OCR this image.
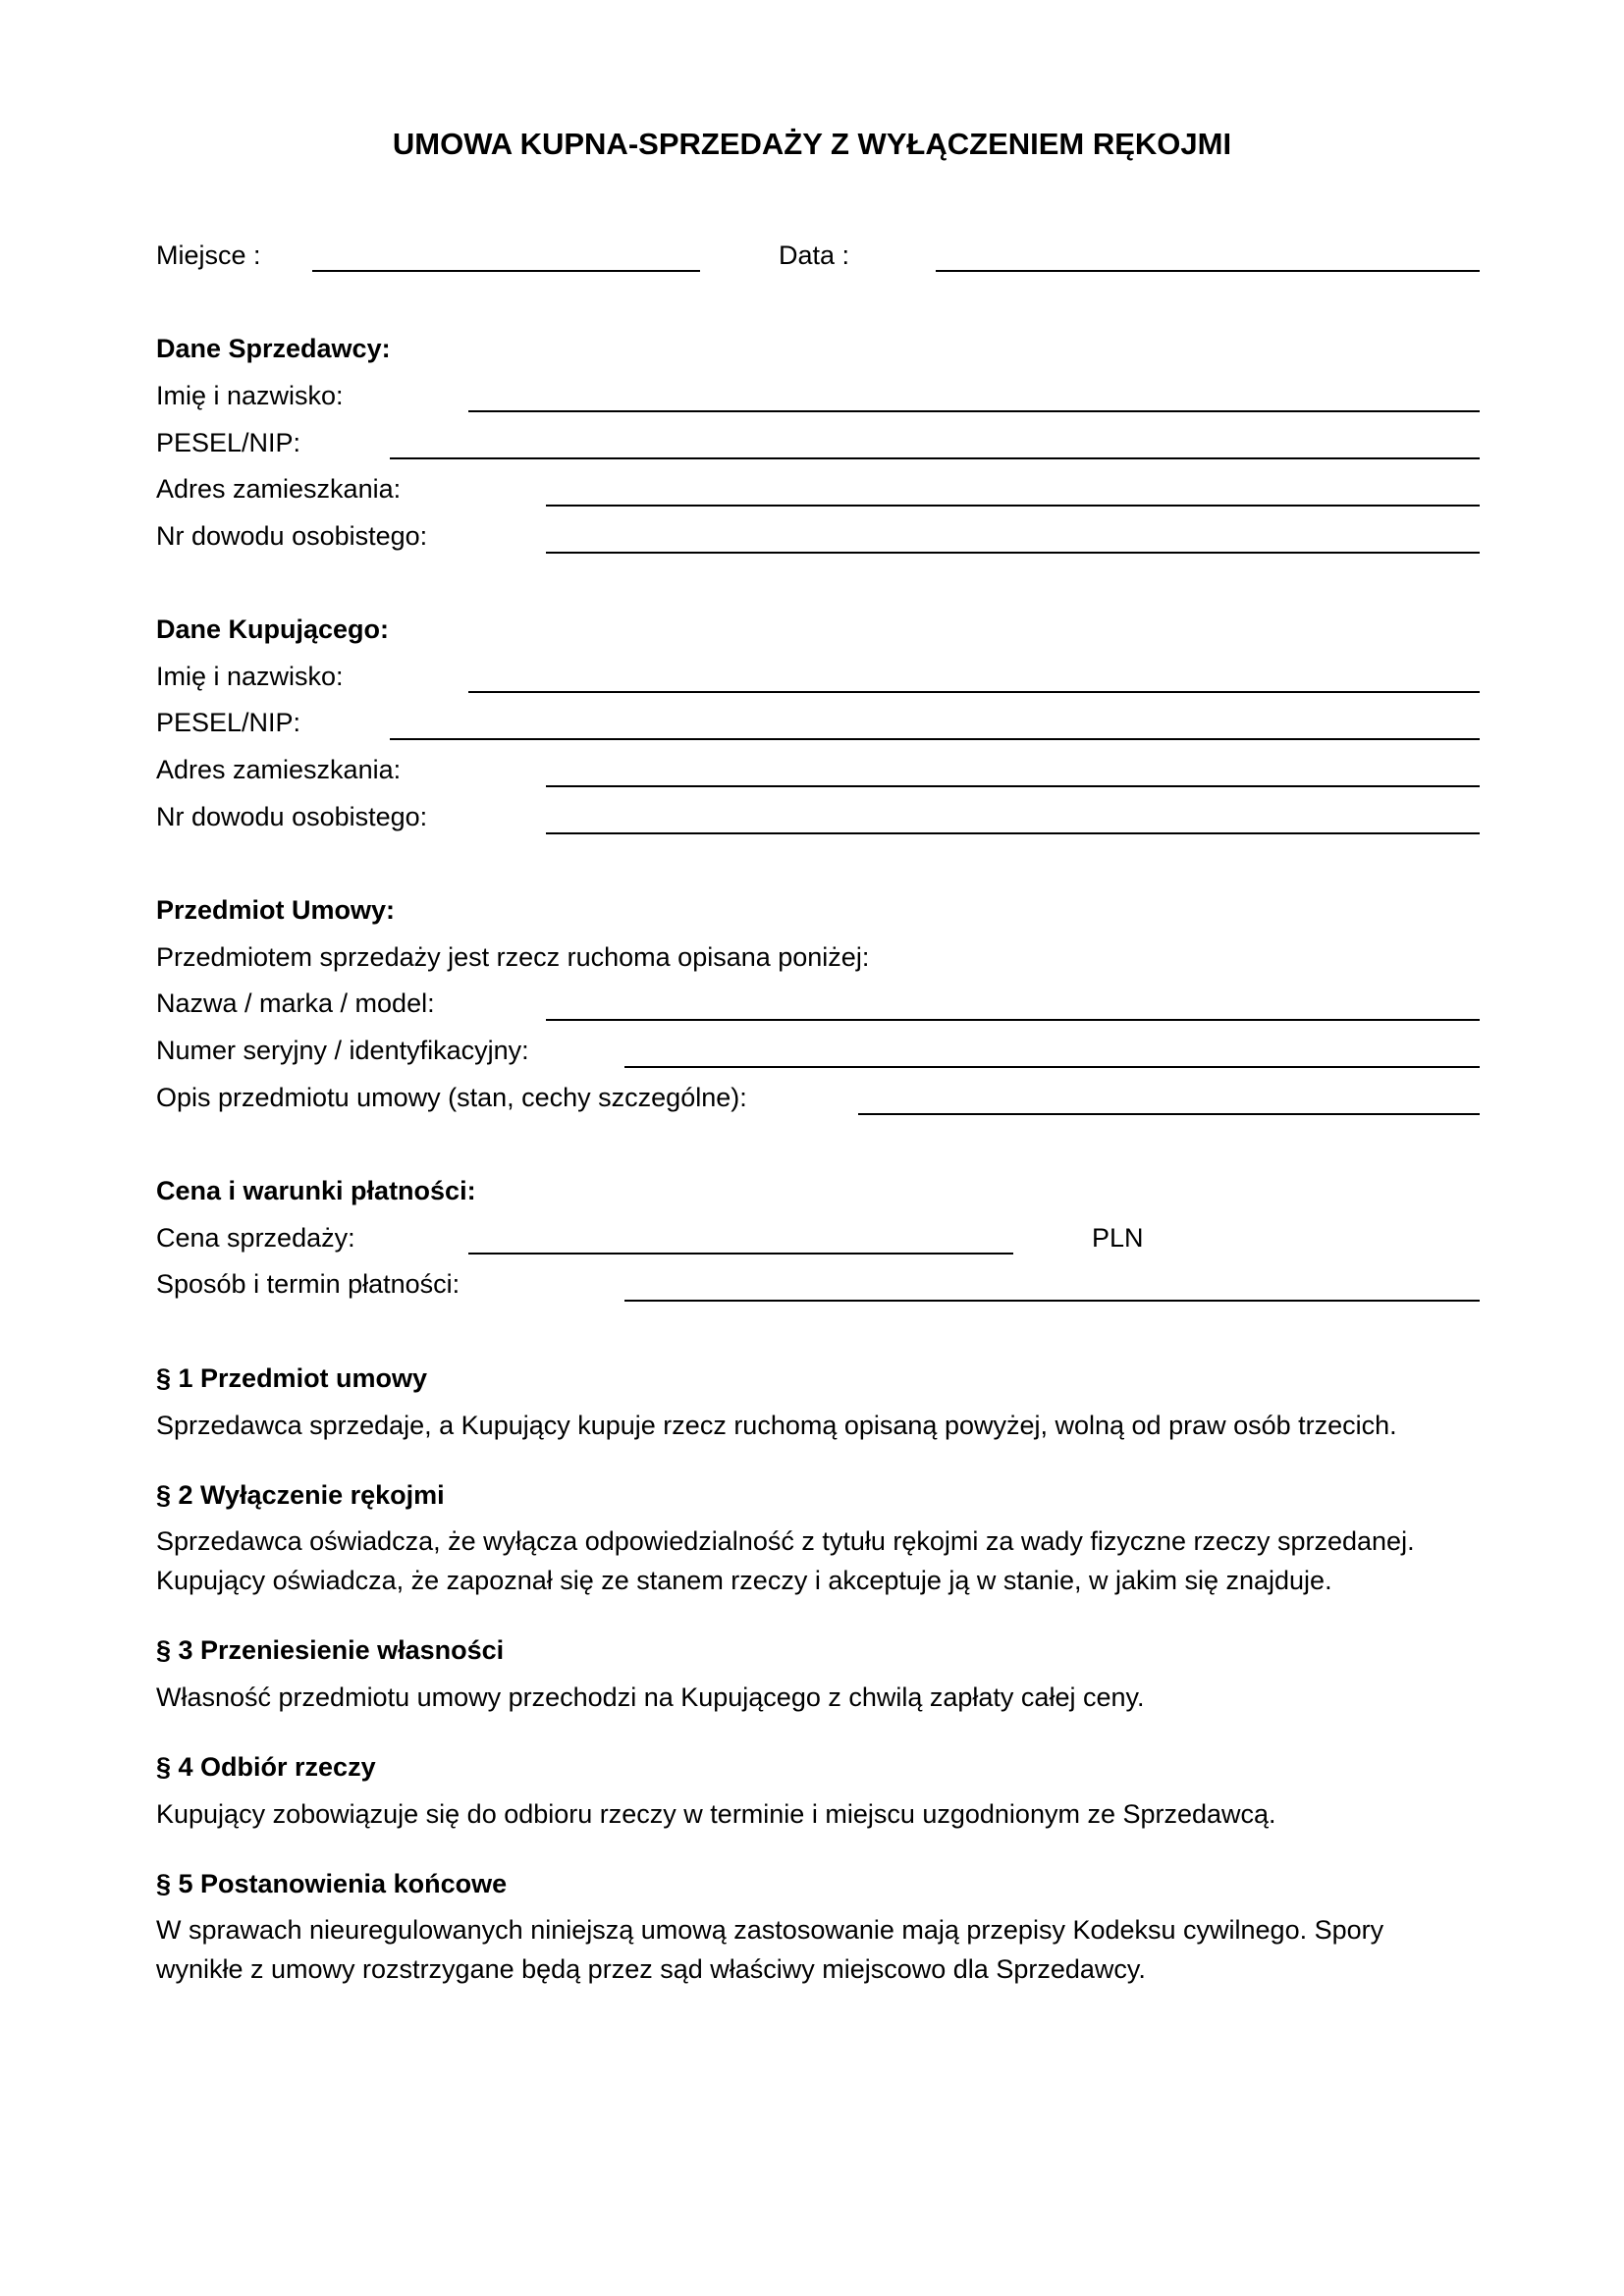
UMOWA KUPNA-SPRZEDAŻY Z WYŁĄCZENIEM RĘKOJMI
Miejsce :	Data :
Dane Sprzedawcy:
Imię i nazwisko:
PESEL/NIP:
Adres zamieszkania:
Nr dowodu osobistego:
Dane Kupującego:
Imię i nazwisko:
PESEL/NIP:
Adres zamieszkania:
Nr dowodu osobistego:
Przedmiot Umowy:
Przedmiotem sprzedaży jest rzecz ruchoma opisana poniżej:
Nazwa / marka / model:
Numer seryjny / identyfikacyjny:
Opis przedmiotu umowy (stan, cechy szczególne):
Cena i warunki płatności:
Cena sprzedaży:	PLN
Sposób i termin płatności:
§ 1 Przedmiot umowy
Sprzedawca sprzedaje, a Kupujący kupuje rzecz ruchomą opisaną powyżej, wolną od praw osób trzecich.
§ 2 Wyłączenie rękojmi
Sprzedawca oświadcza, że wyłącza odpowiedzialność z tytułu rękojmi za wady fizyczne rzeczy sprzedanej.
Kupujący oświadcza, że zapoznał się ze stanem rzeczy i akceptuje ją w stanie, w jakim się znajduje.
§ 3 Przeniesienie własności
Własność przedmiotu umowy przechodzi na Kupującego z chwilą zapłaty całej ceny.
§ 4 Odbiór rzeczy
Kupujący zobowiązuje się do odbioru rzeczy w terminie i miejscu uzgodnionym ze Sprzedawcą.
§ 5 Postanowienia końcowe
W sprawach nieuregulowanych niniejszą umową zastosowanie mają przepisy Kodeksu cywilnego. Spory
wynikłe z umowy rozstrzygane będą przez sąd właściwy miejscowo dla Sprzedawcy.
